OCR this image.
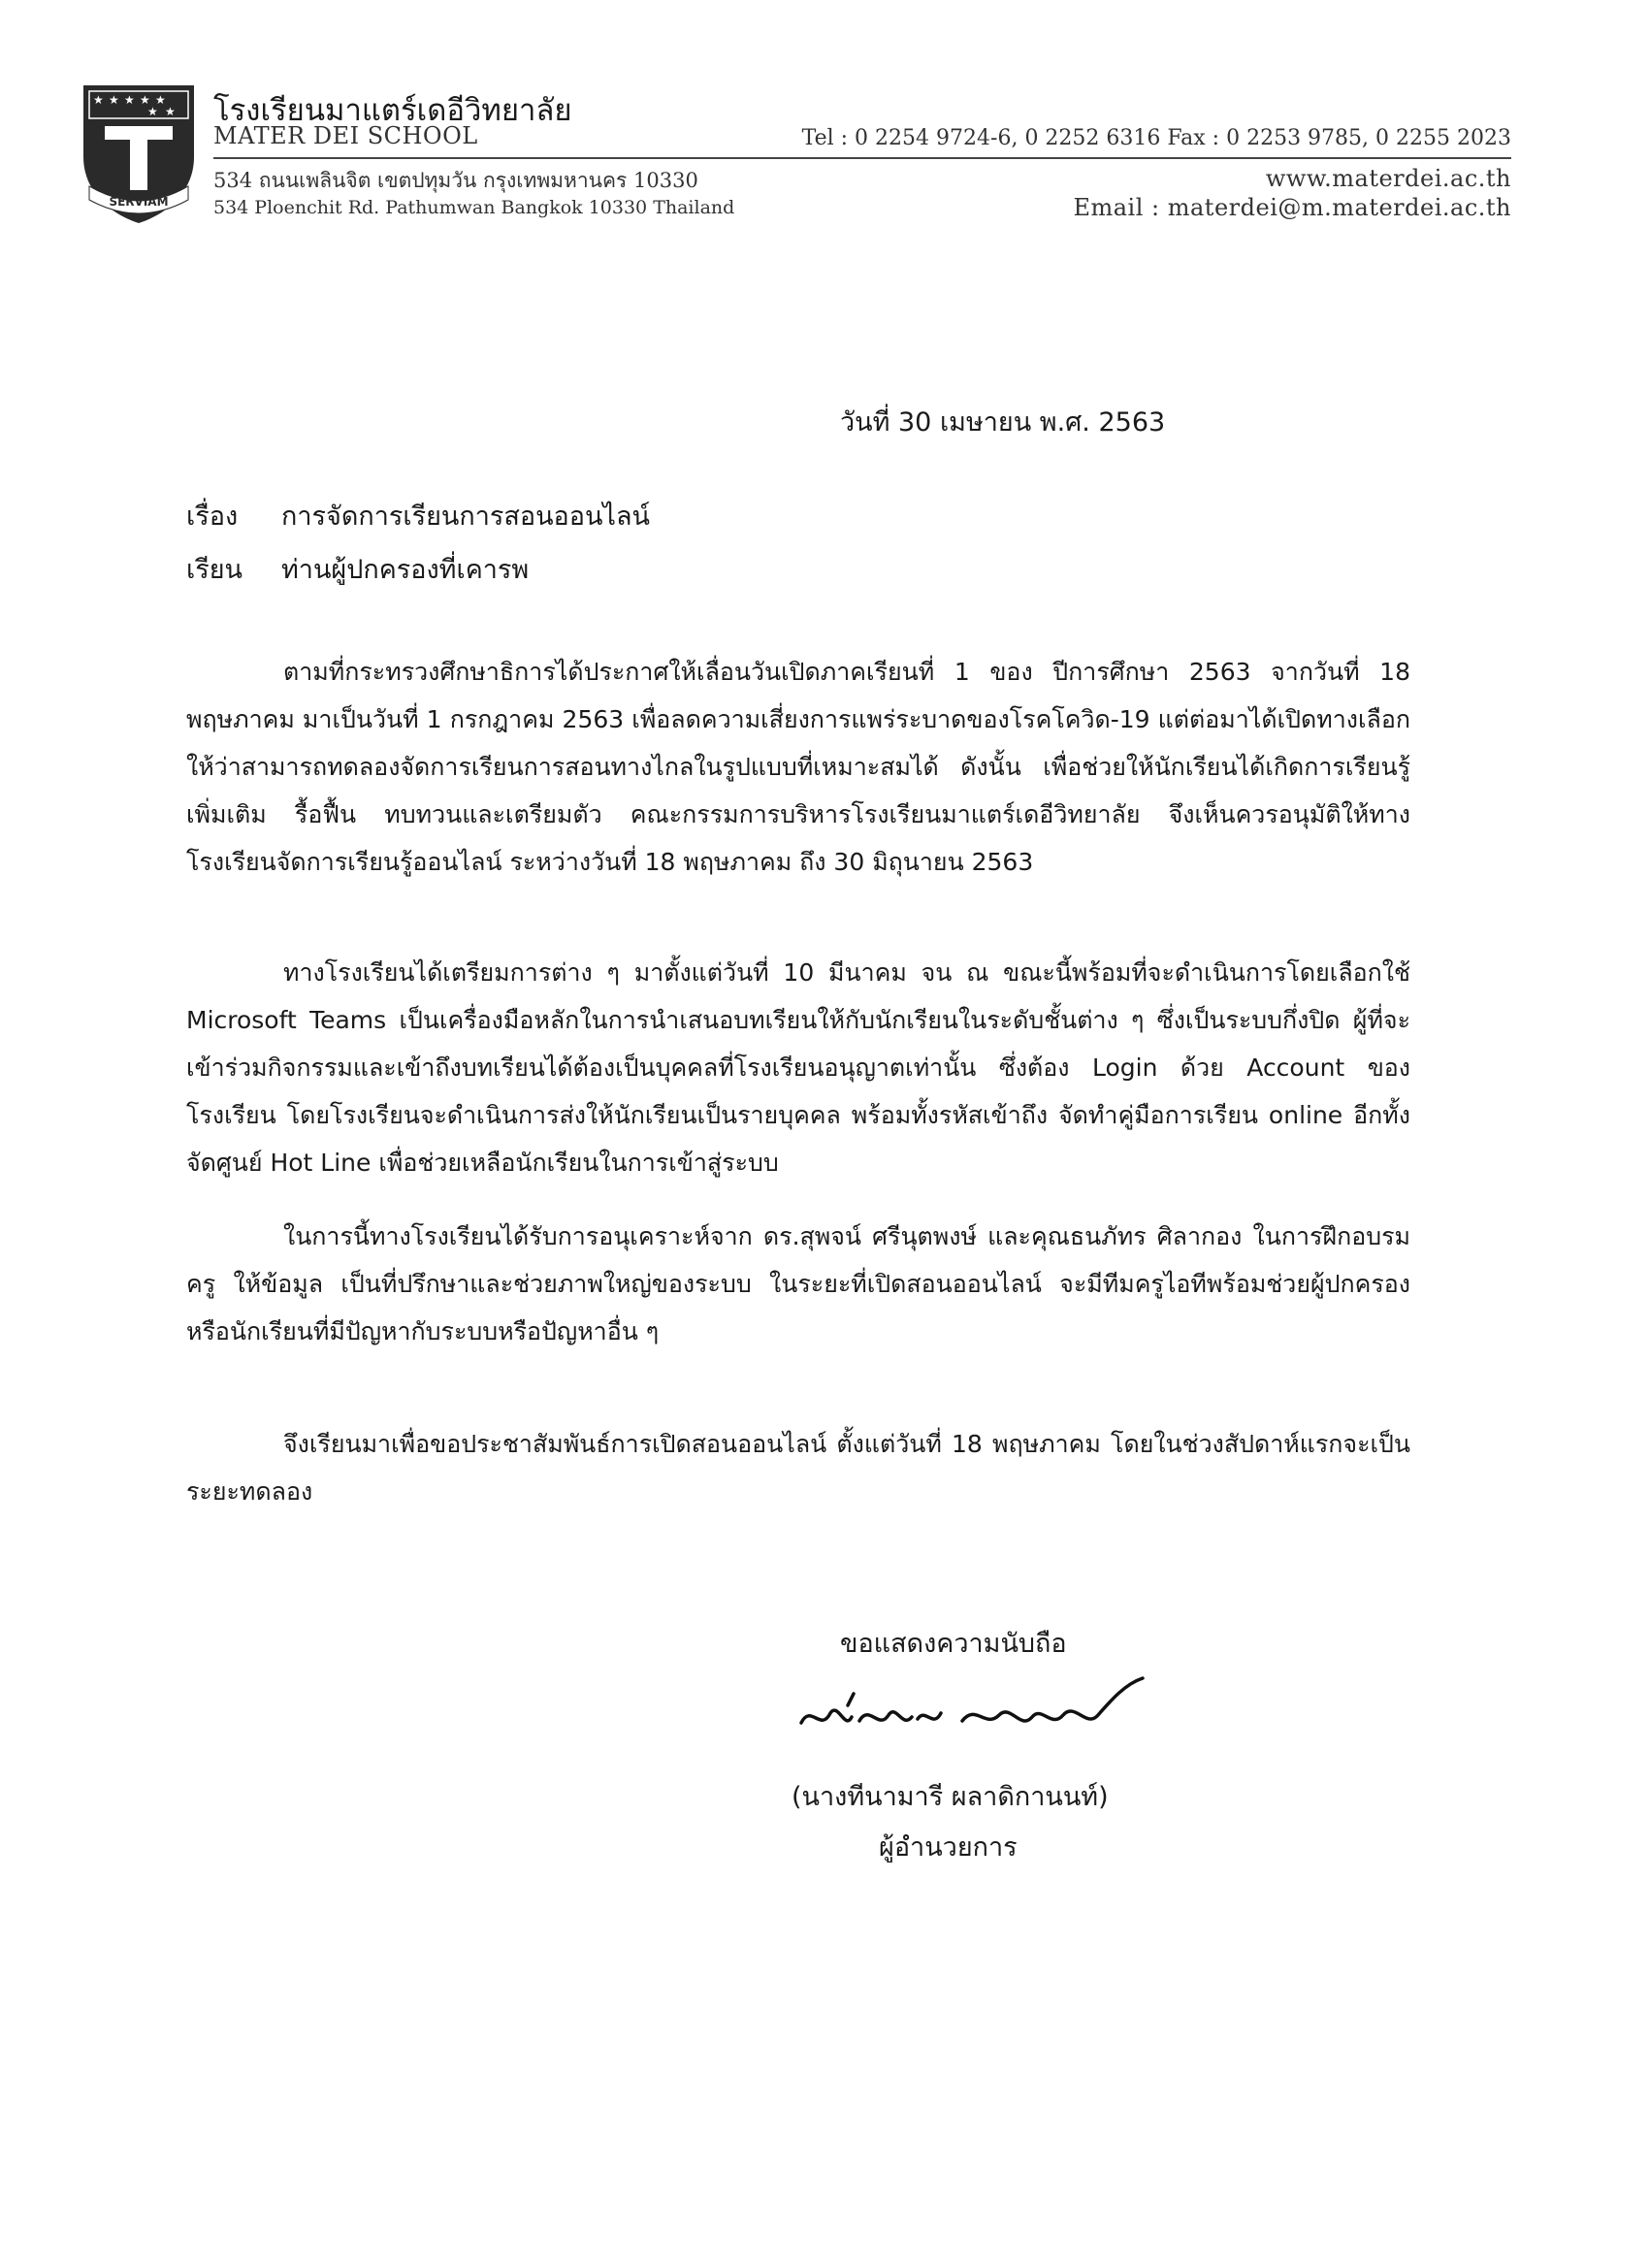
★ ★ ★ ★ ★
★ ★
SERVIAM
โรงเรียนมาแตร์เดอีวิทยาลัย
MATER DEI SCHOOL	Tel : 0 2254 9724-6, 0 2252 6316 Fax : 0 2253 9785, 0 2255 2023
534 ถนนเพลินจิต เขตปทุมวัน กรุงเทพมหานคร 10330
534 Ploenchit Rd. Pathumwan Bangkok 10330 Thailand
www.materdei.ac.th
Email : materdei@m.materdei.ac.th
วันที่ 30 เมษายน พ.ศ. 2563
เรื่อง การจัดการเรียนการสอนออนไลน์
เรียน ท่านผู้ปกครองที่เคารพ
ตามที่กระทรวงศึกษาธิการได้ประกาศให้เลื่อนวันเปิดภาคเรียนที่ 1 ของ ปีการศึกษา 2563 จากวันที่ 18 พฤษภาคม มาเป็นวันที่ 1 กรกฎาคม 2563 เพื่อลดความเสี่ยงการแพร่ระบาดของโรคโควิด-19 แต่ต่อมาได้เปิดทางเลือกให้ว่าสามารถทดลองจัดการเรียนการสอนทางไกลในรูปแบบที่เหมาะสมได้ ดังนั้น เพื่อช่วยให้นักเรียนได้เกิดการเรียนรู้เพิ่มเติม รื้อฟื้น ทบทวนและเตรียมตัว คณะกรรมการบริหารโรงเรียนมาแตร์เดอีวิทยาลัย จึงเห็นควรอนุมัติให้ทางโรงเรียนจัดการเรียนรู้ออนไลน์ ระหว่างวันที่ 18 พฤษภาคม ถึง 30 มิถุนายน 2563
ทางโรงเรียนได้เตรียมการต่าง ๆ มาตั้งแต่วันที่ 10 มีนาคม จน ณ ขณะนี้พร้อมที่จะดำเนินการโดยเลือกใช้ Microsoft Teams เป็นเครื่องมือหลักในการนำเสนอบทเรียนให้กับนักเรียนในระดับชั้นต่าง ๆ ซึ่งเป็นระบบกึ่งปิด ผู้ที่จะเข้าร่วมกิจกรรมและเข้าถึงบทเรียนได้ต้องเป็นบุคคลที่โรงเรียนอนุญาตเท่านั้น ซึ่งต้อง Login ด้วย Account ของโรงเรียน โดยโรงเรียนจะดำเนินการส่งให้นักเรียนเป็นรายบุคคล พร้อมทั้งรหัสเข้าถึง จัดทำคู่มือการเรียน online อีกทั้งจัดศูนย์ Hot Line เพื่อช่วยเหลือนักเรียนในการเข้าสู่ระบบ
ในการนี้ทางโรงเรียนได้รับการอนุเคราะห์จาก ดร.สุพจน์ ศรีนุตพงษ์ และคุณธนภัทร ศิลากอง ในการฝึกอบรมครู ให้ข้อมูล เป็นที่ปรึกษาและช่วยภาพใหญ่ของระบบ ในระยะที่เปิดสอนออนไลน์ จะมีทีมครูไอทีพร้อมช่วยผู้ปกครองหรือนักเรียนที่มีปัญหากับระบบหรือปัญหาอื่น ๆ
จึงเรียนมาเพื่อขอประชาสัมพันธ์การเปิดสอนออนไลน์ ตั้งแต่วันที่ 18 พฤษภาคม โดยในช่วงสัปดาห์แรกจะเป็นระยะทดลอง
ขอแสดงความนับถือ
(นางทีนามารี ผลาดิกานนท์)
ผู้อำนวยการ
